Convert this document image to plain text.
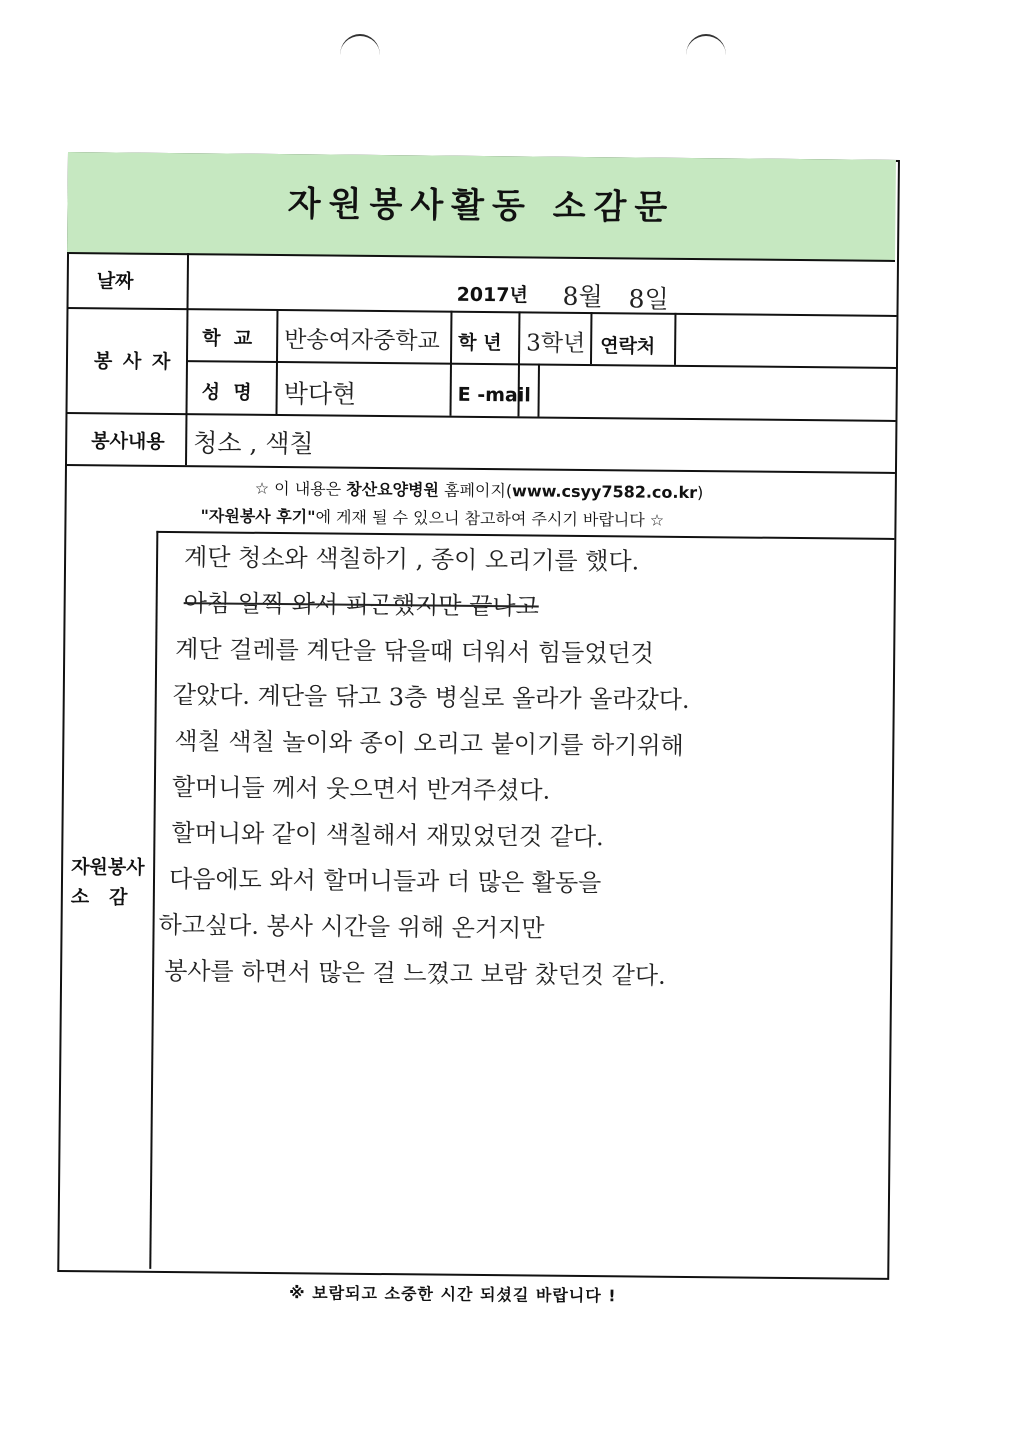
자원봉사활동 소감문
날짜
2017년 8월 8일
봉 사 자
학  교 반송여자중학교 학 년 3학년 연락처
성  명 박다현	E -mail
봉사내용 청소 , 색칠
☆ 이 내용은 창산요양병원 홈페이지(www.csyy7582.co.kr)
"자원봉사 후기"에 게재 될 수 있으니 참고하여 주시기 바랍니다 ☆
자원봉사
소   감
계단 청소와 색칠하기 , 종이 오리기를 했다.
아침 일찍 와서 피곤했지만 끝나고
계단 걸레를 계단을 닦을때 더워서 힘들었던것
같았다. 계단을 닦고 3층 병실로 올라가 올라갔다.
색칠 색칠 놀이와 종이 오리고 붙이기를 하기위해
할머니들 께서 웃으면서 반겨주셨다.
할머니와 같이 색칠해서 재밌었던것 같다.
다음에도 와서 할머니들과 더 많은 활동을
하고싶다. 봉사 시간을 위해 온거지만
봉사를 하면서 많은 걸 느꼈고 보람 찼던것 같다.
※ 보람되고 소중한 시간 되셨길 바랍니다 !
